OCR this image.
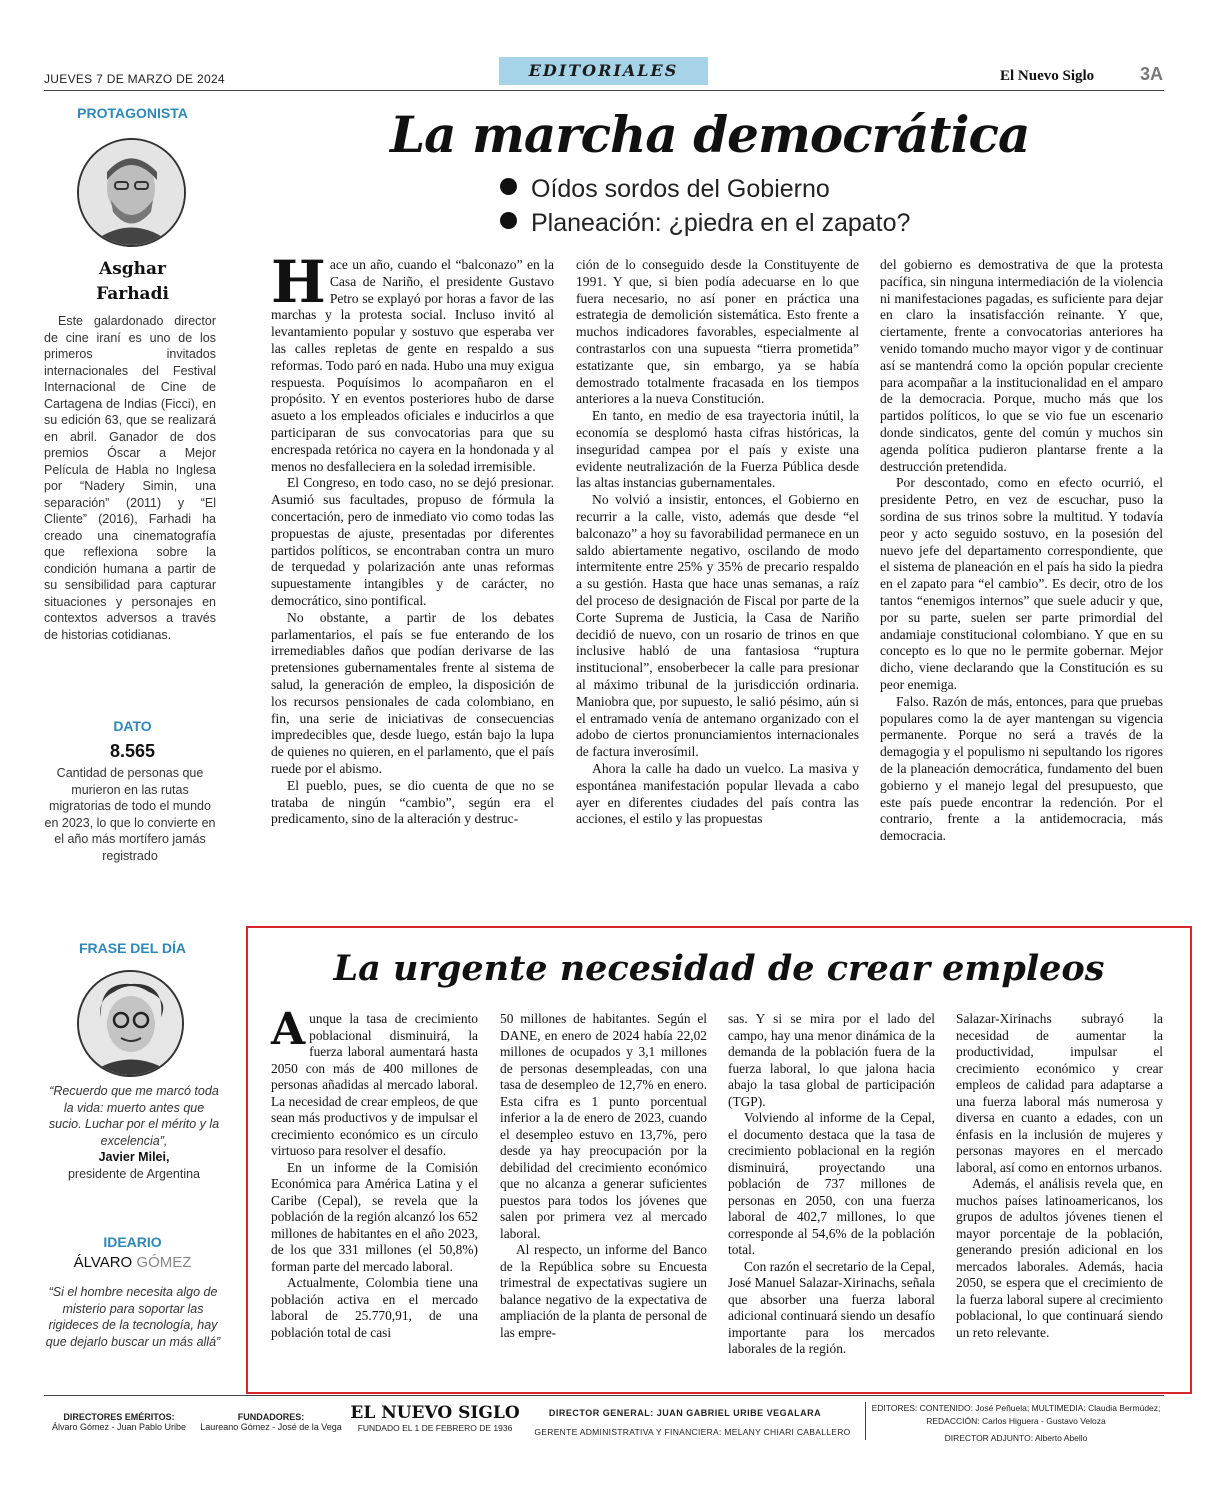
JUEVES 7 DE MARZO DE 2024	EDITORIALES	El Nuevo Siglo	3A
PROTAGONISTA
Asghar
Farhadi
Este galardonado director de cine iraní es uno de los primeros invitados internacionales del Festival Internacional de Cine de Cartagena de Indias (Ficci), en su edición 63, que se realizará en abril. Ganador de dos premios Óscar a Mejor Película de Habla no Inglesa por “Nadery Simin, una separación” (2011) y “El Cliente” (2016), Farhadi ha creado una cinematografía que reflexiona sobre la condición humana a partir de su sensibilidad para capturar situaciones y personajes en contextos adversos a través de historias cotidianas.
DATO
8.565
Cantidad de personas que murieron en las rutas migratorias de todo el mundo en 2023, lo que lo convierte en el año más mortífero jamás registrado
FRASE DEL DÍA
“Recuerdo que me marcó toda la vida: muerto antes que sucio. Luchar por el mérito y la excelencia”,
Javier Milei,
presidente de Argentina
IDEARIO
ÁLVARO GÓMEZ
“Si el hombre necesita algo de misterio para soportar las rigideces de la tecnología, hay que dejarlo buscar un más allá”
La marcha democrática
Oídos sordos del Gobierno
Planeación: ¿piedra en el zapato?

Hace un año, cuando el “balconazo” en la Casa de Nariño, el presidente Gustavo Petro se explayó por horas a favor de las marchas y la protesta social. Incluso invitó al levantamiento popular y sostuvo que esperaba ver las calles repletas de gente en respaldo a sus reformas. Todo paró en nada. Hubo una muy exigua respuesta. Poquísimos lo acompañaron en el propósito. Y en eventos posteriores hubo de darse asueto a los empleados oficiales e inducirlos a que participaran de sus convocatorias para que su encrespada retórica no cayera en la hondonada y al menos no desfalleciera en la soledad irremisible.

El Congreso, en todo caso, no se dejó presionar. Asumió sus facultades, propuso de fórmula la concertación, pero de inmediato vio como todas las propuestas de ajuste, presentadas por diferentes partidos políticos, se encontraban contra un muro de terquedad y polarización ante unas reformas supuestamente intangibles y de carácter, no democrático, sino pontifical.

No obstante, a partir de los debates parlamentarios, el país se fue enterando de los irremediables daños que podían derivarse de las pretensiones gubernamentales frente al sistema de salud, la generación de empleo, la disposición de los recursos pensionales de cada colombiano, en fin, una serie de iniciativas de consecuencias impredecibles que, desde luego, están bajo la lupa de quienes no quieren, en el parlamento, que el país ruede por el abismo.

El pueblo, pues, se dio cuenta de que no se trataba de ningún “cambio”, según era el predicamento, sino de la alteración y destruc-

ción de lo conseguido desde la Constituyente de 1991. Y que, si bien podía adecuarse en lo que fuera necesario, no así poner en práctica una estrategia de demolición sistemática. Esto frente a muchos indicadores favorables, especialmente al contrastarlos con una supuesta “tierra prometida” estatizante que, sin embargo, ya se había demostrado totalmente fracasada en los tiempos anteriores a la nueva Constitución.

En tanto, en medio de esa trayectoria inútil, la economía se desplomó hasta cifras históricas, la inseguridad campea por el país y existe una evidente neutralización de la Fuerza Pública desde las altas instancias gubernamentales.

No volvió a insistir, entonces, el Gobierno en recurrir a la calle, visto, además que desde “el balconazo” a hoy su favorabilidad permanece en un saldo abiertamente negativo, oscilando de modo intermitente entre 25% y 35% de precario respaldo a su gestión. Hasta que hace unas semanas, a raíz del proceso de designación de Fiscal por parte de la Corte Suprema de Justicia, la Casa de Nariño decidió de nuevo, con un rosario de trinos en que inclusive habló de una fantasiosa “ruptura institucional”, ensoberbecer la calle para presionar al máximo tribunal de la jurisdicción ordinaria. Maniobra que, por supuesto, le salió pésimo, aún si el entramado venía de antemano organizado con el adobo de ciertos pronunciamientos internacionales de factura inverosímil.

Ahora la calle ha dado un vuelco. La masiva y espontánea manifestación popular llevada a cabo ayer en diferentes ciudades del país contra las acciones, el estilo y las propuestas

del gobierno es demostrativa de que la protesta pacífica, sin ninguna intermediación de la violencia ni manifestaciones pagadas, es suficiente para dejar en claro la insatisfacción reinante. Y que, ciertamente, frente a convocatorias anteriores ha venido tomando mucho mayor vigor y de continuar así se mantendrá como la opción popular creciente para acompañar a la institucionalidad en el amparo de la democracia. Porque, mucho más que los partidos políticos, lo que se vio fue un escenario donde sindicatos, gente del común y muchos sin agenda política pudieron plantarse frente a la destrucción pretendida.

Por descontado, como en efecto ocurrió, el presidente Petro, en vez de escuchar, puso la sordina de sus trinos sobre la multitud. Y todavía peor y acto seguido sostuvo, en la posesión del nuevo jefe del departamento correspondiente, que el sistema de planeación en el país ha sido la piedra en el zapato para “el cambio”. Es decir, otro de los tantos “enemigos internos” que suele aducir y que, por su parte, suelen ser parte primordial del andamiaje constitucional colombiano. Y que en su concepto es lo que no le permite gobernar. Mejor dicho, viene declarando que la Constitución es su peor enemiga.

Falso. Razón de más, entonces, para que pruebas populares como la de ayer mantengan su vigencia permanente. Porque no será a través de la demagogia y el populismo ni sepultando los rigores de la planeación democrática, fundamento del buen gobierno y el manejo legal del presupuesto, que este país puede encontrar la redención. Por el contrario, frente a la antidemocracia, más democracia.

La urgente necesidad de crear empleos

Aunque la tasa de crecimiento poblacional disminuirá, la fuerza laboral aumentará hasta 2050 con más de 400 millones de personas añadidas al mercado laboral. La necesidad de crear empleos, de que sean más productivos y de impulsar el crecimiento económico es un círculo virtuoso para resolver el desafío.

En un informe de la Comisión Económica para América Latina y el Caribe (Cepal), se revela que la población de la región alcanzó los 652 millones de habitantes en el año 2023, de los que 331 millones (el 50,8%) forman parte del mercado laboral.

Actualmente, Colombia tiene una población activa en el mercado laboral de 25.770,91, de una población total de casi

50 millones de habitantes. Según el DANE, en enero de 2024 había 22,02 millones de ocupados y 3,1 millones de personas desempleadas, con una tasa de desempleo de 12,7% en enero. Esta cifra es 1 punto porcentual inferior a la de enero de 2023, cuando el desempleo estuvo en 13,7%, pero desde ya hay preocupación por la debilidad del crecimiento económico que no alcanza a generar suficientes puestos para todos los jóvenes que salen por primera vez al mercado laboral.

Al respecto, un informe del Banco de la República sobre su Encuesta trimestral de expectativas sugiere un balance negativo de la expectativa de ampliación de la planta de personal de las empre-

sas. Y si se mira por el lado del campo, hay una menor dinámica de la demanda de la población fuera de la fuerza laboral, lo que jalona hacia abajo la tasa global de participación (TGP).

Volviendo al informe de la Cepal, el documento destaca que la tasa de crecimiento poblacional en la región disminuirá, proyectando una población de 737 millones de personas en 2050, con una fuerza laboral de 402,7 millones, lo que corresponde al 54,6% de la población total.

Con razón el secretario de la Cepal, José Manuel Salazar-Xirinachs, señala que absorber una fuerza laboral adicional continuará siendo un desafío importante para los mercados laborales de la región.

Salazar-Xirinachs subrayó la necesidad de aumentar la productividad, impulsar el crecimiento económico y crear empleos de calidad para adaptarse a una fuerza laboral más numerosa y diversa en cuanto a edades, con un énfasis en la inclusión de mujeres y personas mayores en el mercado laboral, así como en entornos urbanos.

Además, el análisis revela que, en muchos países latinoamericanos, los grupos de adultos jóvenes tienen el mayor porcentaje de la población, generando presión adicional en los mercados laborales. Además, hacia 2050, se espera que el crecimiento de la fuerza laboral supere al crecimiento poblacional, lo que continuará siendo un reto relevante.

DIRECTORES EMÉRITOS:
Álvaro Gómez - Juan Pablo Uribe
FUNDADORES:
Laureano Gómez - José de la Vega
EL NUEVO SIGLO
FUNDADO EL 1 DE FEBRERO DE 1936
DIRECTOR GENERAL: JUAN GABRIEL URIBE VEGALARA
GERENTE ADMINISTRATIVA Y FINANCIERA: MELANY CHIARI CABALLERO
EDITORES: CONTENIDO: José Peñuela; MULTIMEDIA: Claudia Bermúdez;
REDACCIÓN: Carlos Higuera - Gustavo Veloza
DIRECTOR ADJUNTO: Alberto Abello
